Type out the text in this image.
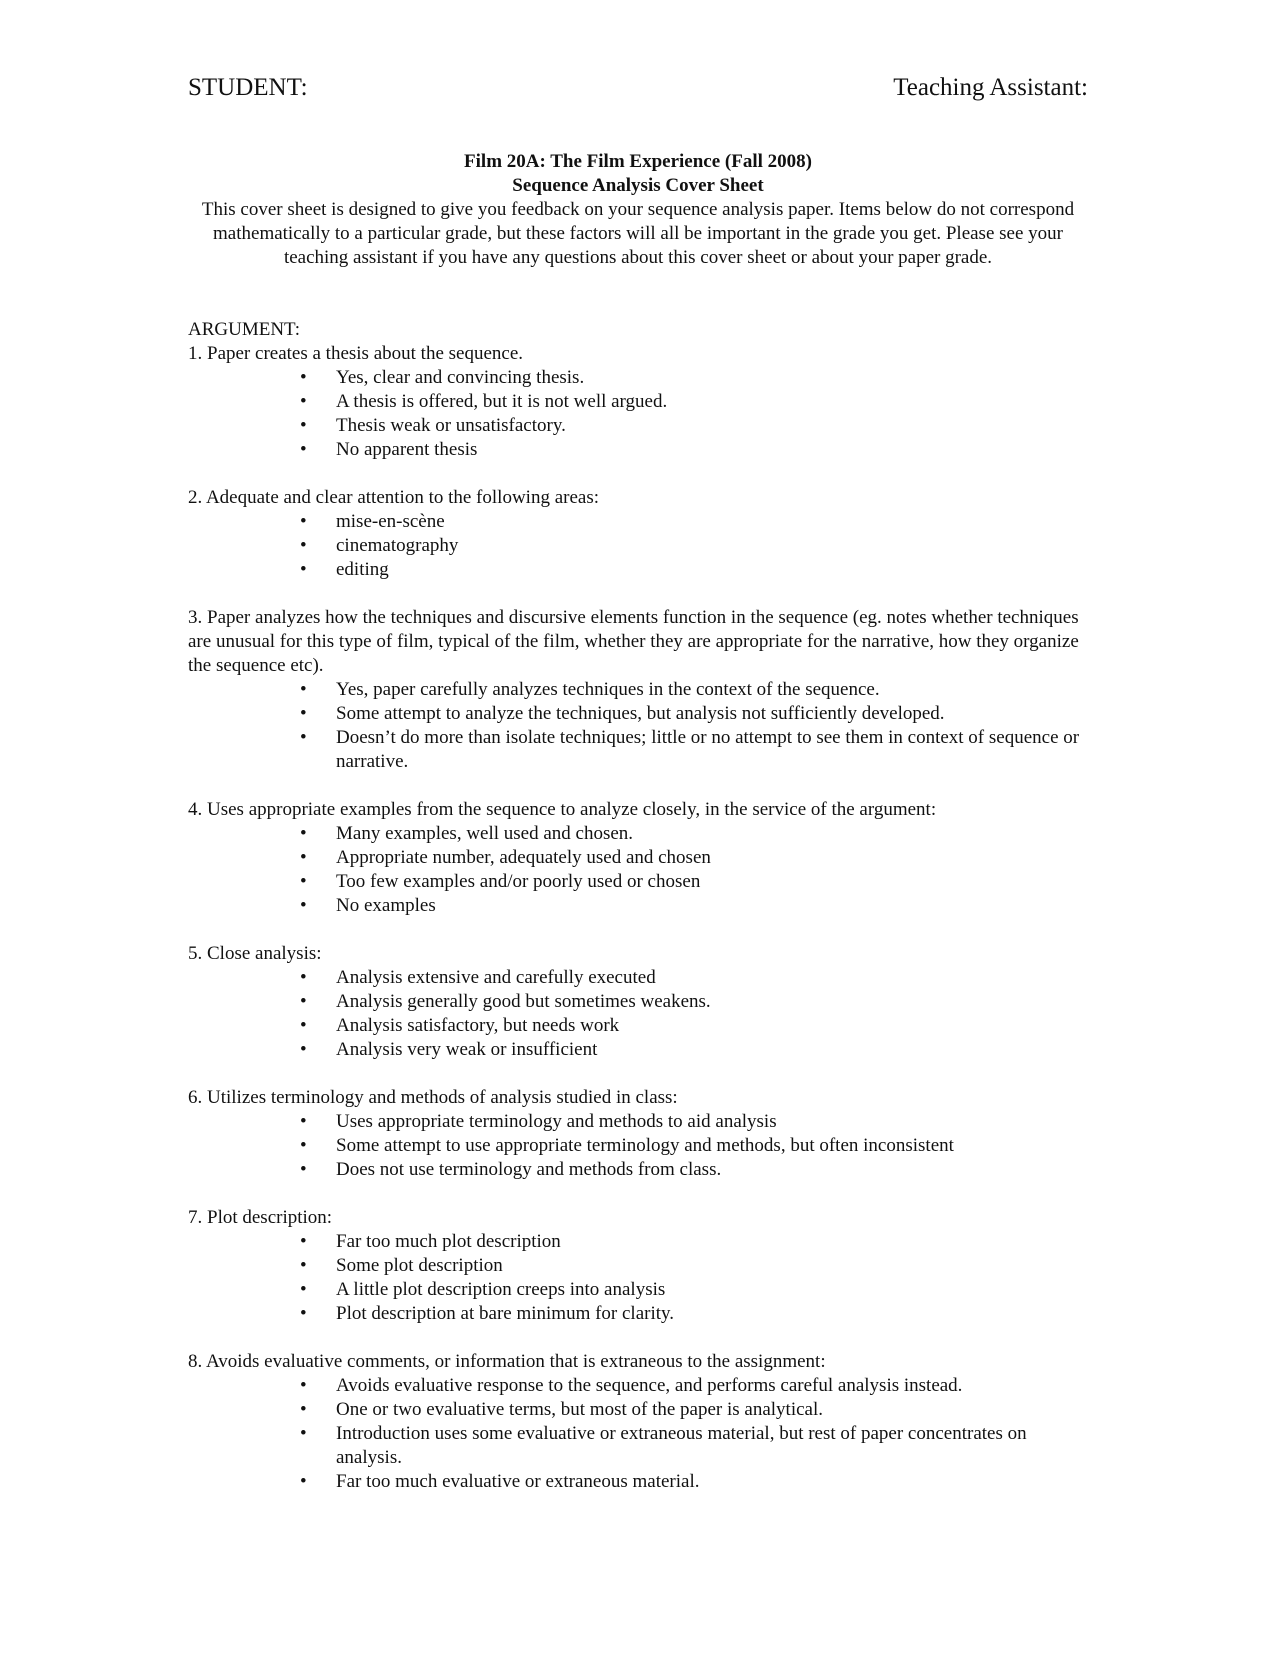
STUDENT:	Teaching Assistant:
Film 20A: The Film Experience (Fall 2008)
Sequence Analysis Cover Sheet
This cover sheet is designed to give you feedback on your sequence analysis paper. Items below do not correspond mathematically to a particular grade, but these factors will all be important in the grade you get. Please see your teaching assistant if you have any questions about this cover sheet or about your paper grade.
ARGUMENT:
1. Paper creates a thesis about the sequence.
• Yes, clear and convincing thesis.
• A thesis is offered, but it is not well argued.
• Thesis weak or unsatisfactory.
• No apparent thesis
2. Adequate and clear attention to the following areas:
• mise-en-scène
• cinematography
• editing
3. Paper analyzes how the techniques and discursive elements function in the sequence (eg. notes whether techniques are unusual for this type of film, typical of the film, whether they are appropriate for the narrative, how they organize the sequence etc).
• Yes, paper carefully analyzes techniques in the context of the sequence.
• Some attempt to analyze the techniques, but analysis not sufficiently developed.
• Doesn’t do more than isolate techniques; little or no attempt to see them in context of sequence or narrative.
4. Uses appropriate examples from the sequence to analyze closely, in the service of the argument:
• Many examples, well used and chosen.
• Appropriate number, adequately used and chosen
• Too few examples and/or poorly used or chosen
• No examples
5. Close analysis:
• Analysis extensive and carefully executed
• Analysis generally good but sometimes weakens.
• Analysis satisfactory, but needs work
• Analysis very weak or insufficient
6. Utilizes terminology and methods of analysis studied in class:
• Uses appropriate terminology and methods to aid analysis
• Some attempt to use appropriate terminology and methods, but often inconsistent
• Does not use terminology and methods from class.
7. Plot description:
• Far too much plot description
• Some plot description
• A little plot description creeps into analysis
• Plot description at bare minimum for clarity.
8. Avoids evaluative comments, or information that is extraneous to the assignment:
• Avoids evaluative response to the sequence, and performs careful analysis instead.
• One or two evaluative terms, but most of the paper is analytical.
• Introduction uses some evaluative or extraneous material, but rest of paper concentrates on analysis.
• Far too much evaluative or extraneous material.
